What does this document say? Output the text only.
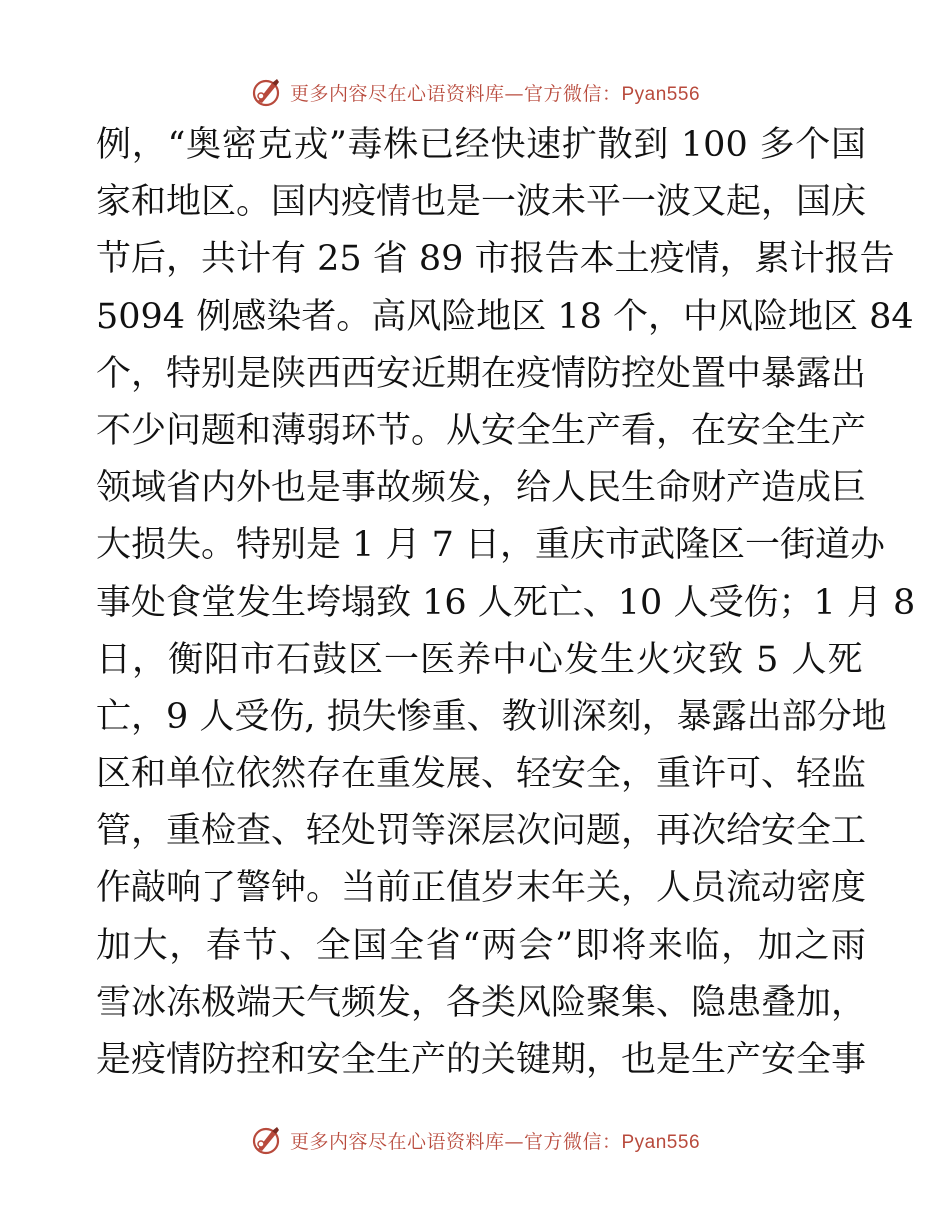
更多内容尽在心语资料库—官方微信：Pyan556
例，“奥密克戎”毒株已经快速扩散到 100 多个国
家和地区。国内疫情也是一波未平一波又起，国庆
节后，共计有 25 省 89 市报告本土疫情，累计报告
5094 例感染者。高风险地区 18 个，中风险地区 84
个，特别是陕西西安近期在疫情防控处置中暴露出
不少问题和薄弱环节。从安全生产看，在安全生产
领域省内外也是事故频发，给人民生命财产造成巨
大损失。特别是 1 月 7 日，重庆市武隆区一街道办
事处食堂发生垮塌致 16 人死亡、10 人受伤；1 月 8
日，衡阳市石鼓区一医养中心发生火灾致 5 人死
亡，9 人受伤, 损失惨重、教训深刻，暴露出部分地
区和单位依然存在重发展、轻安全，重许可、轻监
管，重检查、轻处罚等深层次问题，再次给安全工
作敲响了警钟。当前正值岁末年关，人员流动密度
加大，春节、全国全省“两会”即将来临，加之雨
雪冰冻极端天气频发，各类风险聚集、隐患叠加，
是疫情防控和安全生产的关键期，也是生产安全事
更多内容尽在心语资料库—官方微信：Pyan556
